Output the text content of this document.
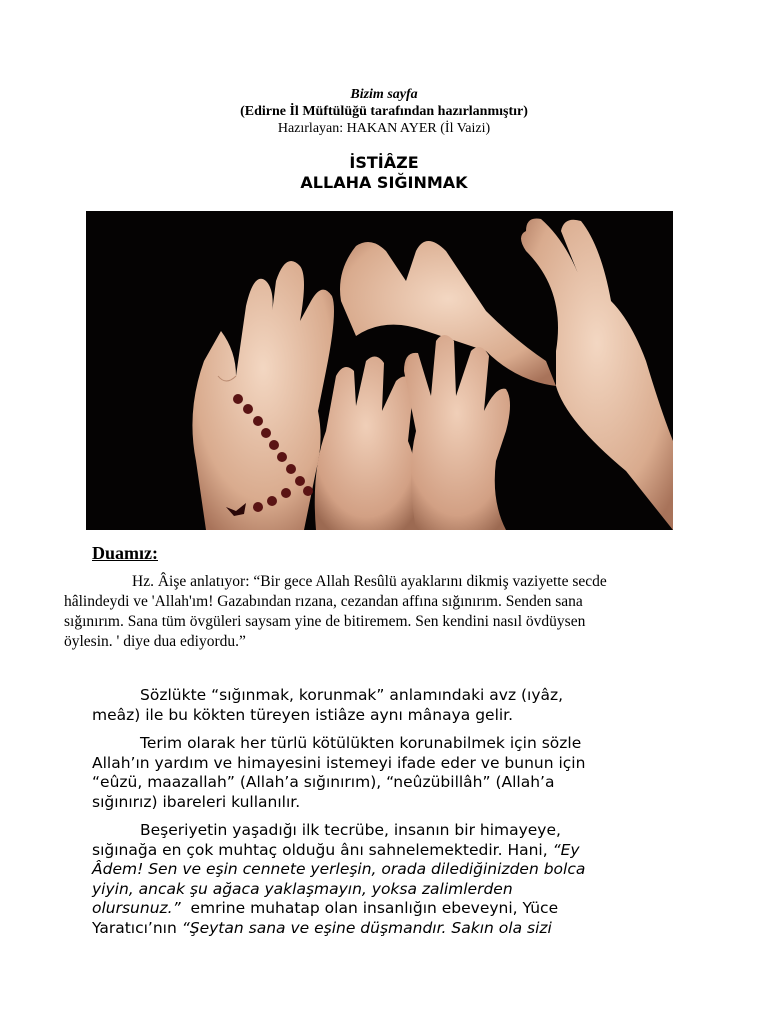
Bizim sayfa
(Edirne İl Müftülüğü tarafından hazırlanmıştır)
Hazırlayan: HAKAN AYER (İl Vaizi)
İSTİÂZE
ALLAHA SIĞINMAK
Duamız:
Hz. Âişe anlatıyor: “Bir gece Allah Resûlü ayaklarını dikmiş vaziyette secde
hâlindeydi ve 'Allah'ım! Gazabından rızana, cezandan affına sığınırım. Senden sana
sığınırım. Sana tüm övgüleri saysam yine de bitiremem. Sen kendini nasıl övdüysen
öylesin. ' diye dua ediyordu.”
Sözlükte “sığınmak, korunmak” anlamındaki avz (ıyâz,
meâz) ile bu kökten türeyen istiâze aynı mânaya gelir.
Terim olarak her türlü kötülükten korunabilmek için sözle
Allah’ın yardım ve himayesini istemeyi ifade eder ve bunun için
“eûzü, maazallah” (Allah’a sığınırım), “neûzübillâh” (Allah’a
sığınırız) ibareleri kullanılır.
Beşeriyetin yaşadığı ilk tecrübe, insanın bir himayeye,
sığınağa en çok muhtaç olduğu ânı sahnelemektedir. Hani, “Ey
Âdem! Sen ve eşin cennete yerleşin, orada dilediğinizden bolca
yiyin, ancak şu ağaca yaklaşmayın, yoksa zalimlerden
olursunuz.”  emrine muhatap olan insanlığın ebeveyni, Yüce
Yaratıcı’nın “Şeytan sana ve eşine düşmandır. Sakın ola sizi
